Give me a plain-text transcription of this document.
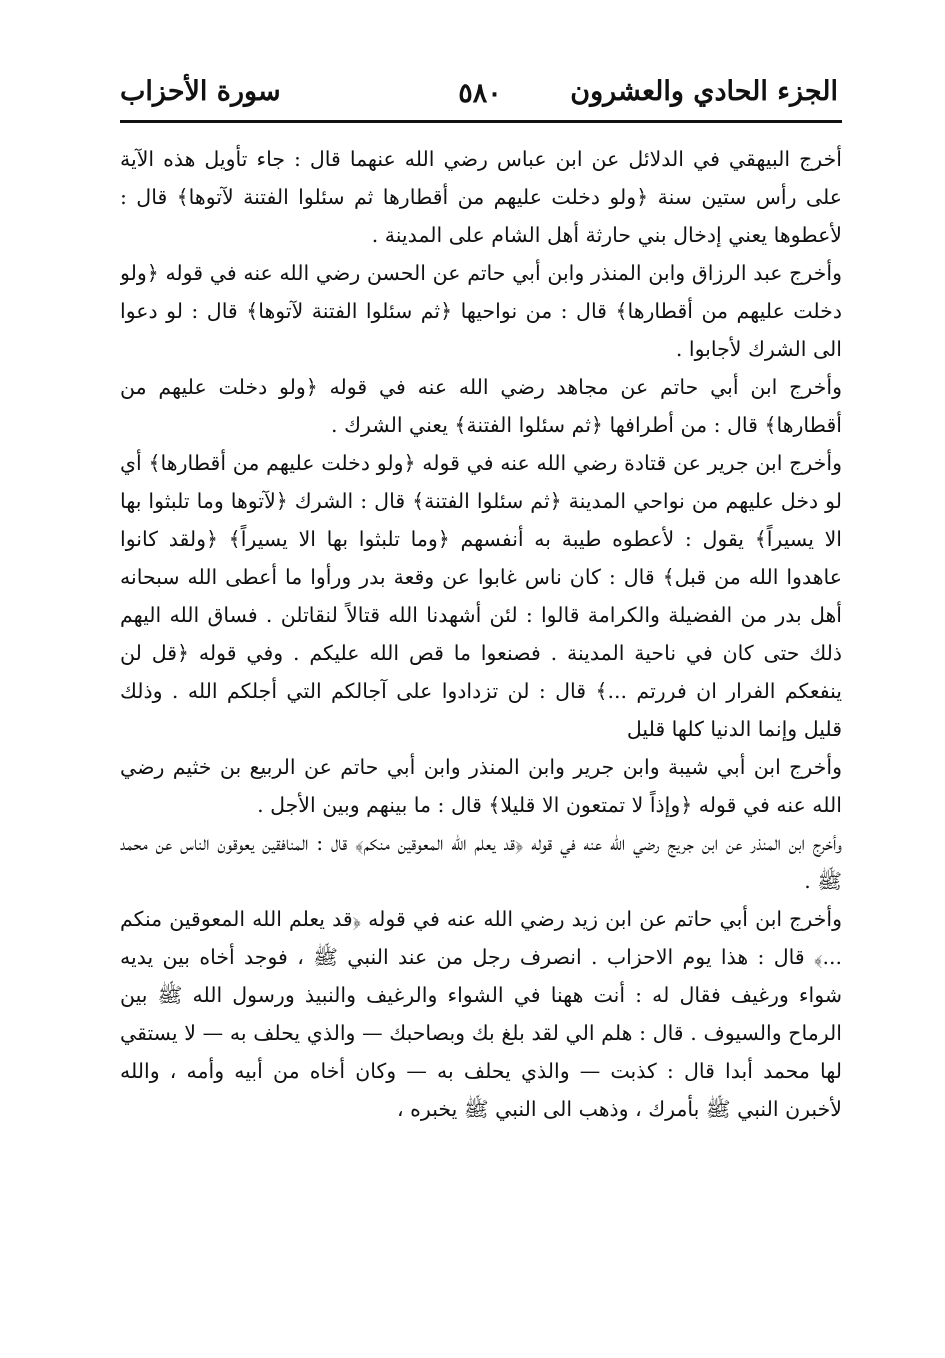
الجزء الحادي والعشرون
٥٨٠
سورة الأحزاب

أخرج البيهقي في الدلائل عن ابن عباس رضي الله عنهما قال : جاء تأويل هذه الآية على رأس ستين سنة ﴿ولو دخلت عليهم من أقطارها ثم سئلوا الفتنة لآتوها﴾ قال : لأعطوها يعني إدخال بني حارثة أهل الشام على المدينة .

وأخرج عبد الرزاق وابن المنذر وابن أبي حاتم عن الحسن رضي الله عنه في قوله ﴿ولو دخلت عليهم من أقطارها﴾ قال : من نواحيها ﴿ثم سئلوا الفتنة لآتوها﴾ قال : لو دعوا الى الشرك لأجابوا .

وأخرج ابن أبي حاتم عن مجاهد رضي الله عنه في قوله ﴿ولو دخلت عليهم من أقطارها﴾ قال : من أطرافها ﴿ثم سئلوا الفتنة﴾ يعني الشرك .

وأخرج ابن جرير عن قتادة رضي الله عنه في قوله ﴿ولو دخلت عليهم من أقطارها﴾ أي لو دخل عليهم من نواحي المدينة ﴿ثم سئلوا الفتنة﴾ قال : الشرك ﴿لآتوها وما تلبثوا بها الا يسيراً﴾ يقول : لأعطوه طيبة به أنفسهم ﴿وما تلبثوا بها الا يسيراً﴾ ﴿ولقد كانوا عاهدوا الله من قبل﴾ قال : كان ناس غابوا عن وقعة بدر ورأوا ما أعطى الله سبحانه أهل بدر من الفضيلة والكرامة قالوا : لئن أشهدنا الله قتالاً لنقاتلن . فساق الله اليهم ذلك حتى كان في ناحية المدينة . فصنعوا ما قص الله عليكم . وفي قوله ﴿قل لن ينفعكم الفرار ان فررتم ...﴾ قال : لن تزدادوا على آجالكم التي أجلكم الله . وذلك قليل وإنما الدنيا كلها قليل

وأخرج ابن أبي شيبة وابن جرير وابن المنذر وابن أبي حاتم عن الربيع بن خثيم رضي الله عنه في قوله ﴿وإذاً لا تمتعون الا قليلا﴾ قال : ما بينهم وبين الأجل .

وأخرج ابن المنذر عن ابن جريج رضي الله عنه في قوله ﴿قد يعلم الله المعوقين منكم﴾ قال : المنافقين يعوقون الناس عن محمد ﷺ .

وأخرج ابن أبي حاتم عن ابن زيد رضي الله عنه في قوله ﴿قد يعلم الله المعوقين منكم ...﴾ قال : هذا يوم الاحزاب . انصرف رجل من عند النبي ﷺ ، فوجد أخاه بين يديه شواء ورغيف فقال له : أنت ههنا في الشواء والرغيف والنبيذ ورسول الله ﷺ بين الرماح والسيوف . قال : هلم الي لقد بلغ بك وبصاحبك — والذي يحلف به — لا يستقي لها محمد أبدا قال : كذبت — والذي يحلف به — وكان أخاه من أبيه وأمه ، والله لأخبرن النبي ﷺ بأمرك ، وذهب الى النبي ﷺ يخبره ،
